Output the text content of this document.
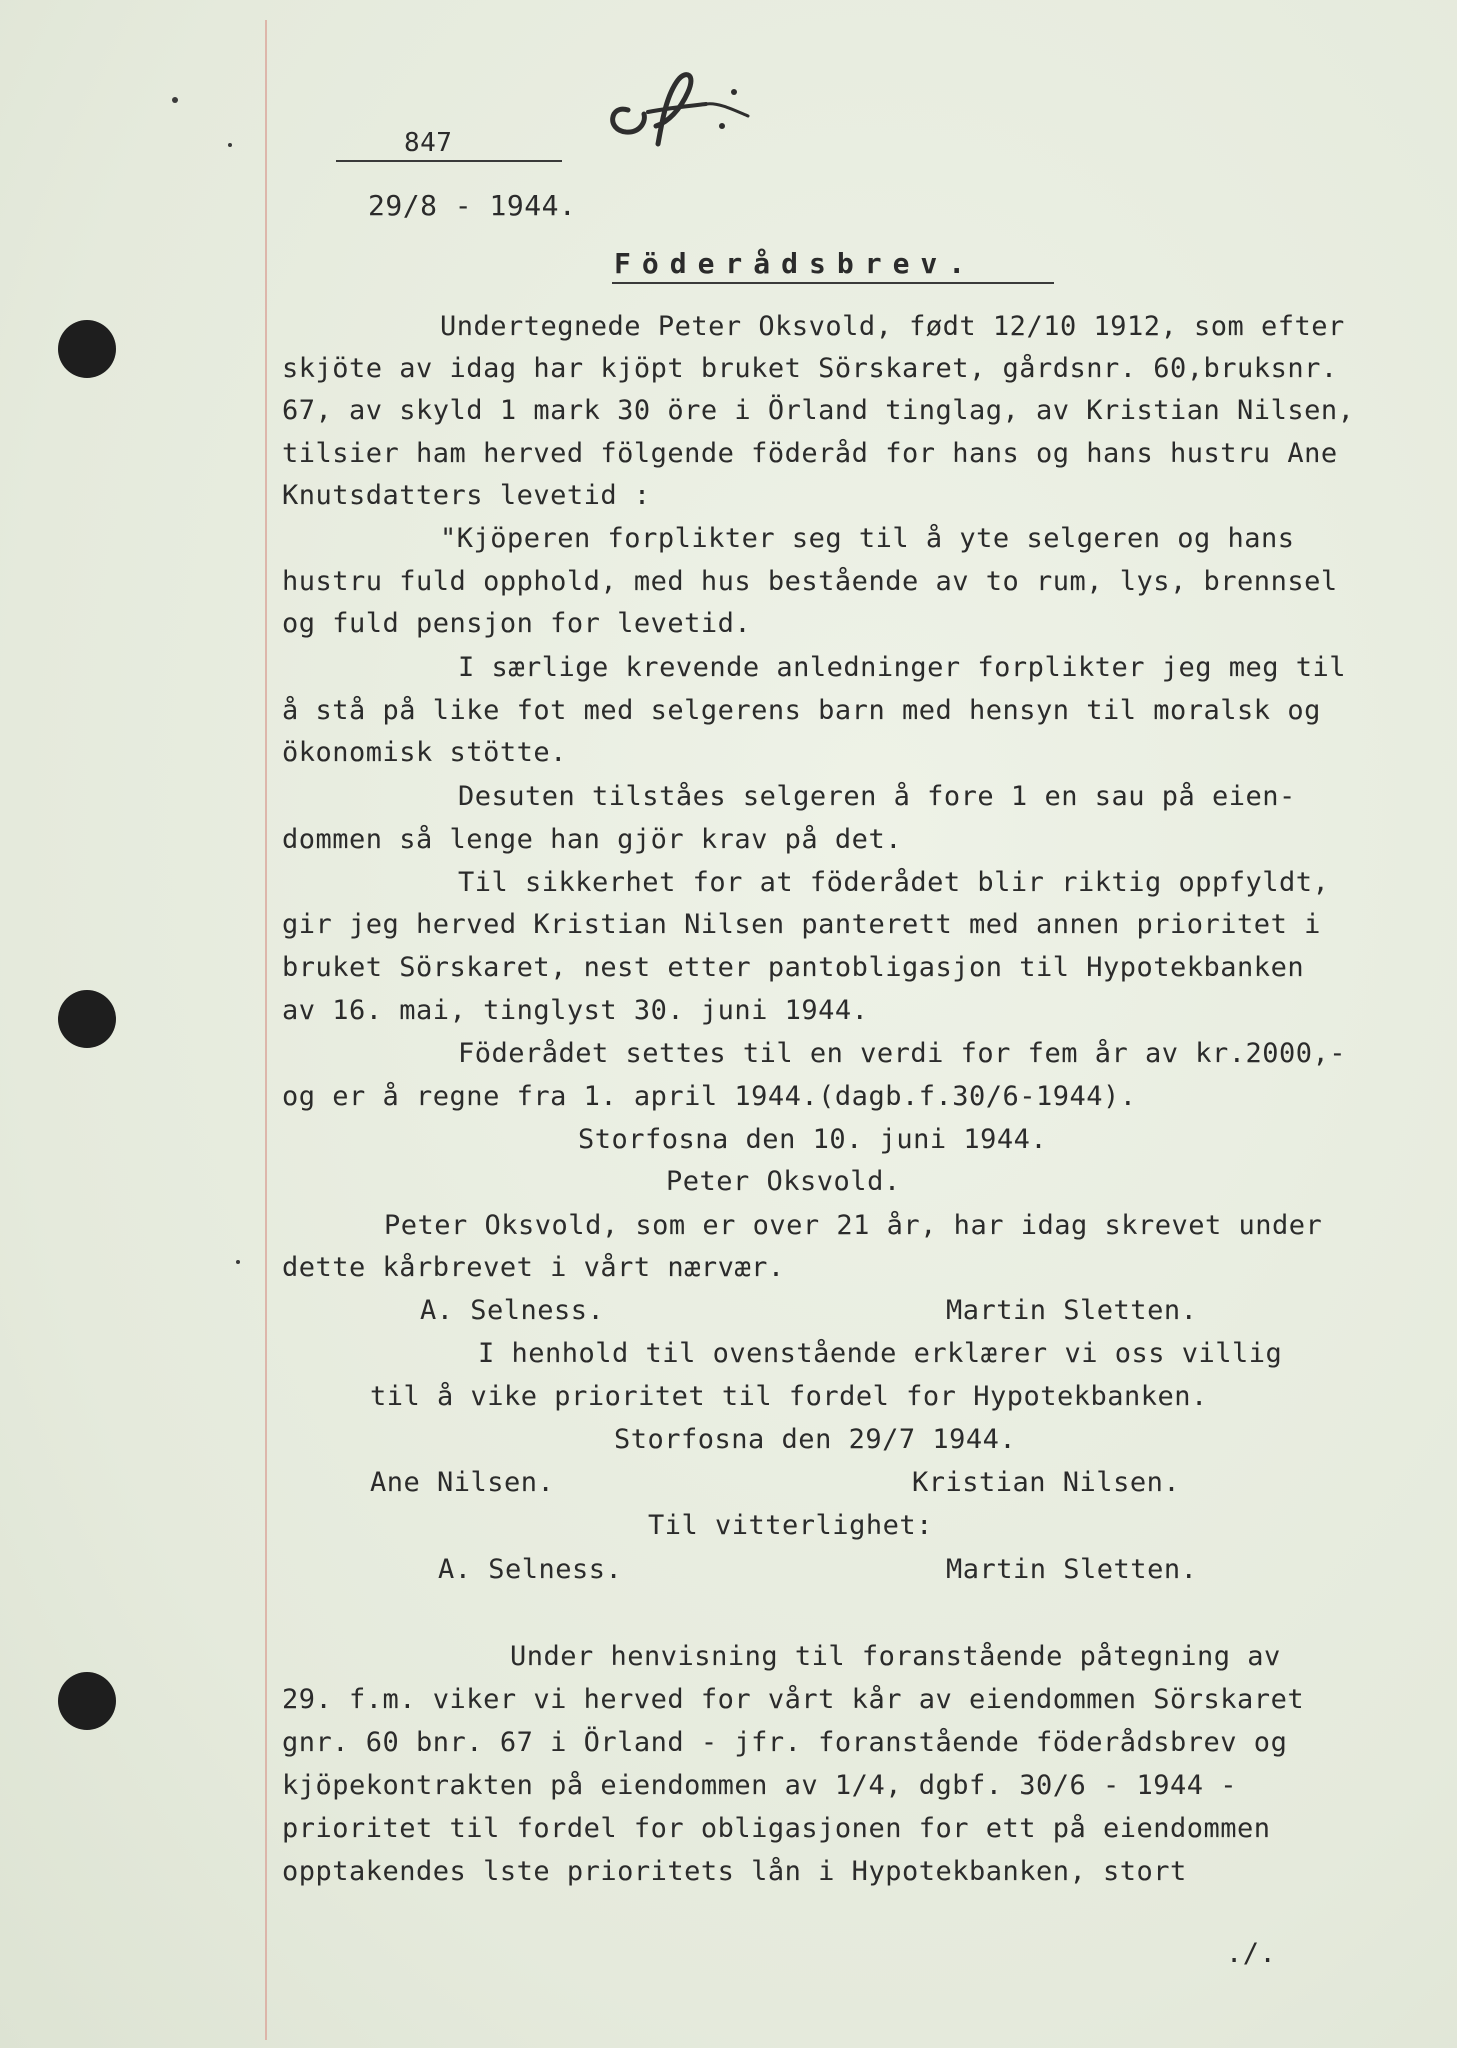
847
29/8 - 1944.
Föderådsbrev.
Undertegnede Peter Oksvold, født 12/10 1912, som efter
skjöte av idag har kjöpt bruket Sörskaret, gårdsnr. 60,bruksnr.
67, av skyld 1 mark 30 öre i Örland tinglag, av Kristian Nilsen,
tilsier ham herved fölgende föderåd for hans og hans hustru Ane
Knutsdatters levetid :
"Kjöperen forplikter seg til å yte selgeren og hans
hustru fuld opphold, med hus bestående av to rum, lys, brennsel
og fuld pensjon for levetid.
I særlige krevende anledninger forplikter jeg meg til
å stå på like fot med selgerens barn med hensyn til moralsk og
ökonomisk stötte.
Desuten tilståes selgeren å fore 1 en sau på eien-
dommen så lenge han gjör krav på det.
Til sikkerhet for at föderådet blir riktig oppfyldt,
gir jeg herved Kristian Nilsen panterett med annen prioritet i
bruket Sörskaret, nest etter pantobligasjon til Hypotekbanken
av 16. mai, tinglyst 30. juni 1944.
Föderådet settes til en verdi for fem år av kr.2000,-
og er å regne fra 1. april 1944.(dagb.f.30/6-1944).
Storfosna den 10. juni 1944.
Peter Oksvold.
Peter Oksvold, som er over 21 år, har idag skrevet under
dette kårbrevet i vårt nærvær.
A. Selness.	Martin Sletten.
I henhold til ovenstående erklærer vi oss villig
til å vike prioritet til fordel for Hypotekbanken.
Storfosna den 29/7 1944.
Ane Nilsen.	Kristian Nilsen.
Til vitterlighet:
A. Selness.	Martin Sletten.
Under henvisning til foranstående påtegning av
29. f.m. viker vi herved for vårt kår av eiendommen Sörskaret
gnr. 60 bnr. 67 i Örland - jfr. foranstående föderådsbrev og
kjöpekontrakten på eiendommen av 1/4, dgbf. 30/6 - 1944 -
prioritet til fordel for obligasjonen for ett på eiendommen
opptakendes lste prioritets lån i Hypotekbanken, stort
./.
